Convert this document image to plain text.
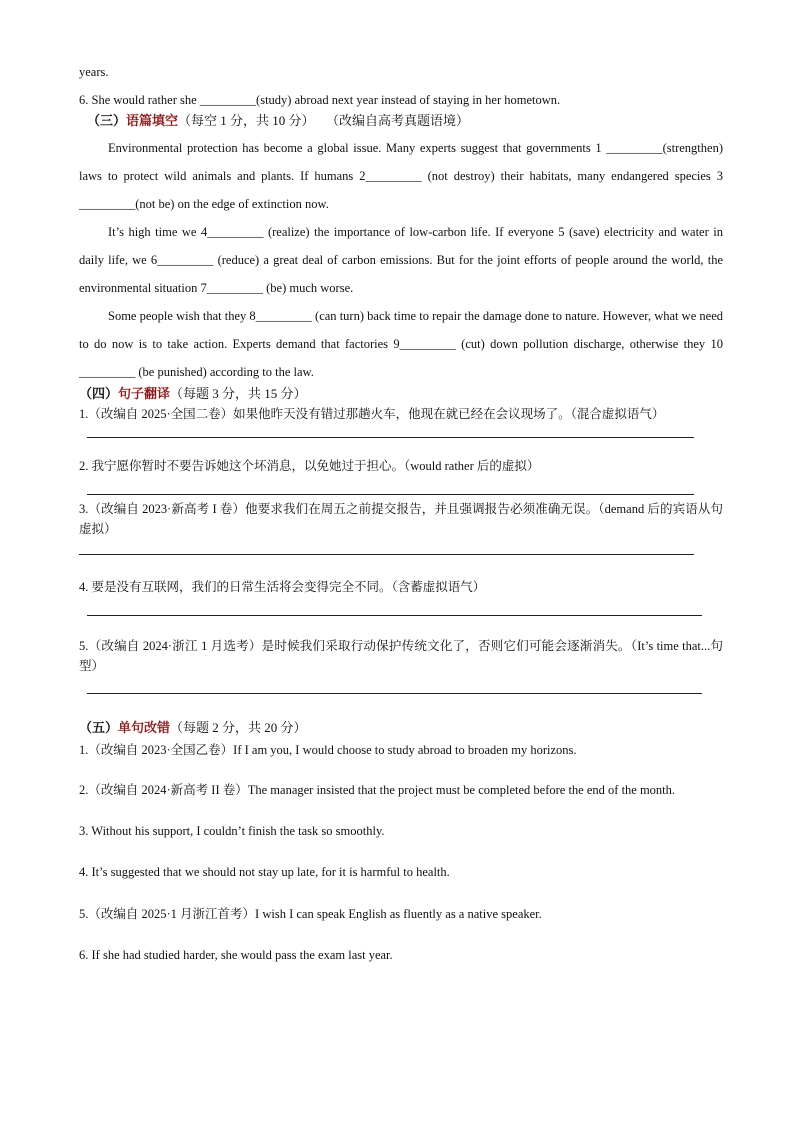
years.

6. She would rather she _________(study) abroad next year instead of staying in her hometown.

（三）语篇填空（每空 1 分，共 10 分） （改编自高考真题语境）

Environmental protection has become a global issue. Many experts suggest that governments 1 _________(strengthen) laws to protect wild animals and plants. If humans 2_________ (not destroy) their habitats, many endangered species 3 _________(not be) on the edge of extinction now.

It’s high time we 4_________ (realize) the importance of low-carbon life. If everyone 5 (save) electricity and water in daily life, we 6_________ (reduce) a great deal of carbon emissions. But for the joint efforts of people around the world, the environmental situation 7_________ (be) much worse.

Some people wish that they 8_________ (can turn) back time to repair the damage done to nature. However, what we need to do now is to take action. Experts demand that factories 9_________ (cut) down pollution discharge, otherwise they 10 _________ (be punished) according to the law.

（四）句子翻译（每题 3 分，共 15 分）

1.（改编自 2025·全国二卷）如果他昨天没有错过那趟火车，他现在就已经在会议现场了。（混合虚拟语气）

2. 我宁愿你暂时不要告诉她这个坏消息，以免她过于担心。（would rather 后的虚拟）

3.（改编自 2023·新高考 I 卷）他要求我们在周五之前提交报告，并且强调报告必须准确无误。（demand 后的宾语从句虚拟）

4. 要是没有互联网，我们的日常生活将会变得完全不同。（含蓄虚拟语气）

5.（改编自 2024·浙江 1 月选考）是时候我们采取行动保护传统文化了，否则它们可能会逐渐消失。（It’s time that...句型）

（五）单句改错（每题 2 分，共 20 分）

1.（改编自 2023·全国乙卷）If I am you, I would choose to study abroad to broaden my horizons.

2.（改编自 2024·新高考 II 卷）The manager insisted that the project must be completed before the end of the month.

3. Without his support, I couldn’t finish the task so smoothly.

4. It’s suggested that we should not stay up late, for it is harmful to health.

5.（改编自 2025·1 月浙江首考）I wish I can speak English as fluently as a native speaker.

6. If she had studied harder, she would pass the exam last year.
